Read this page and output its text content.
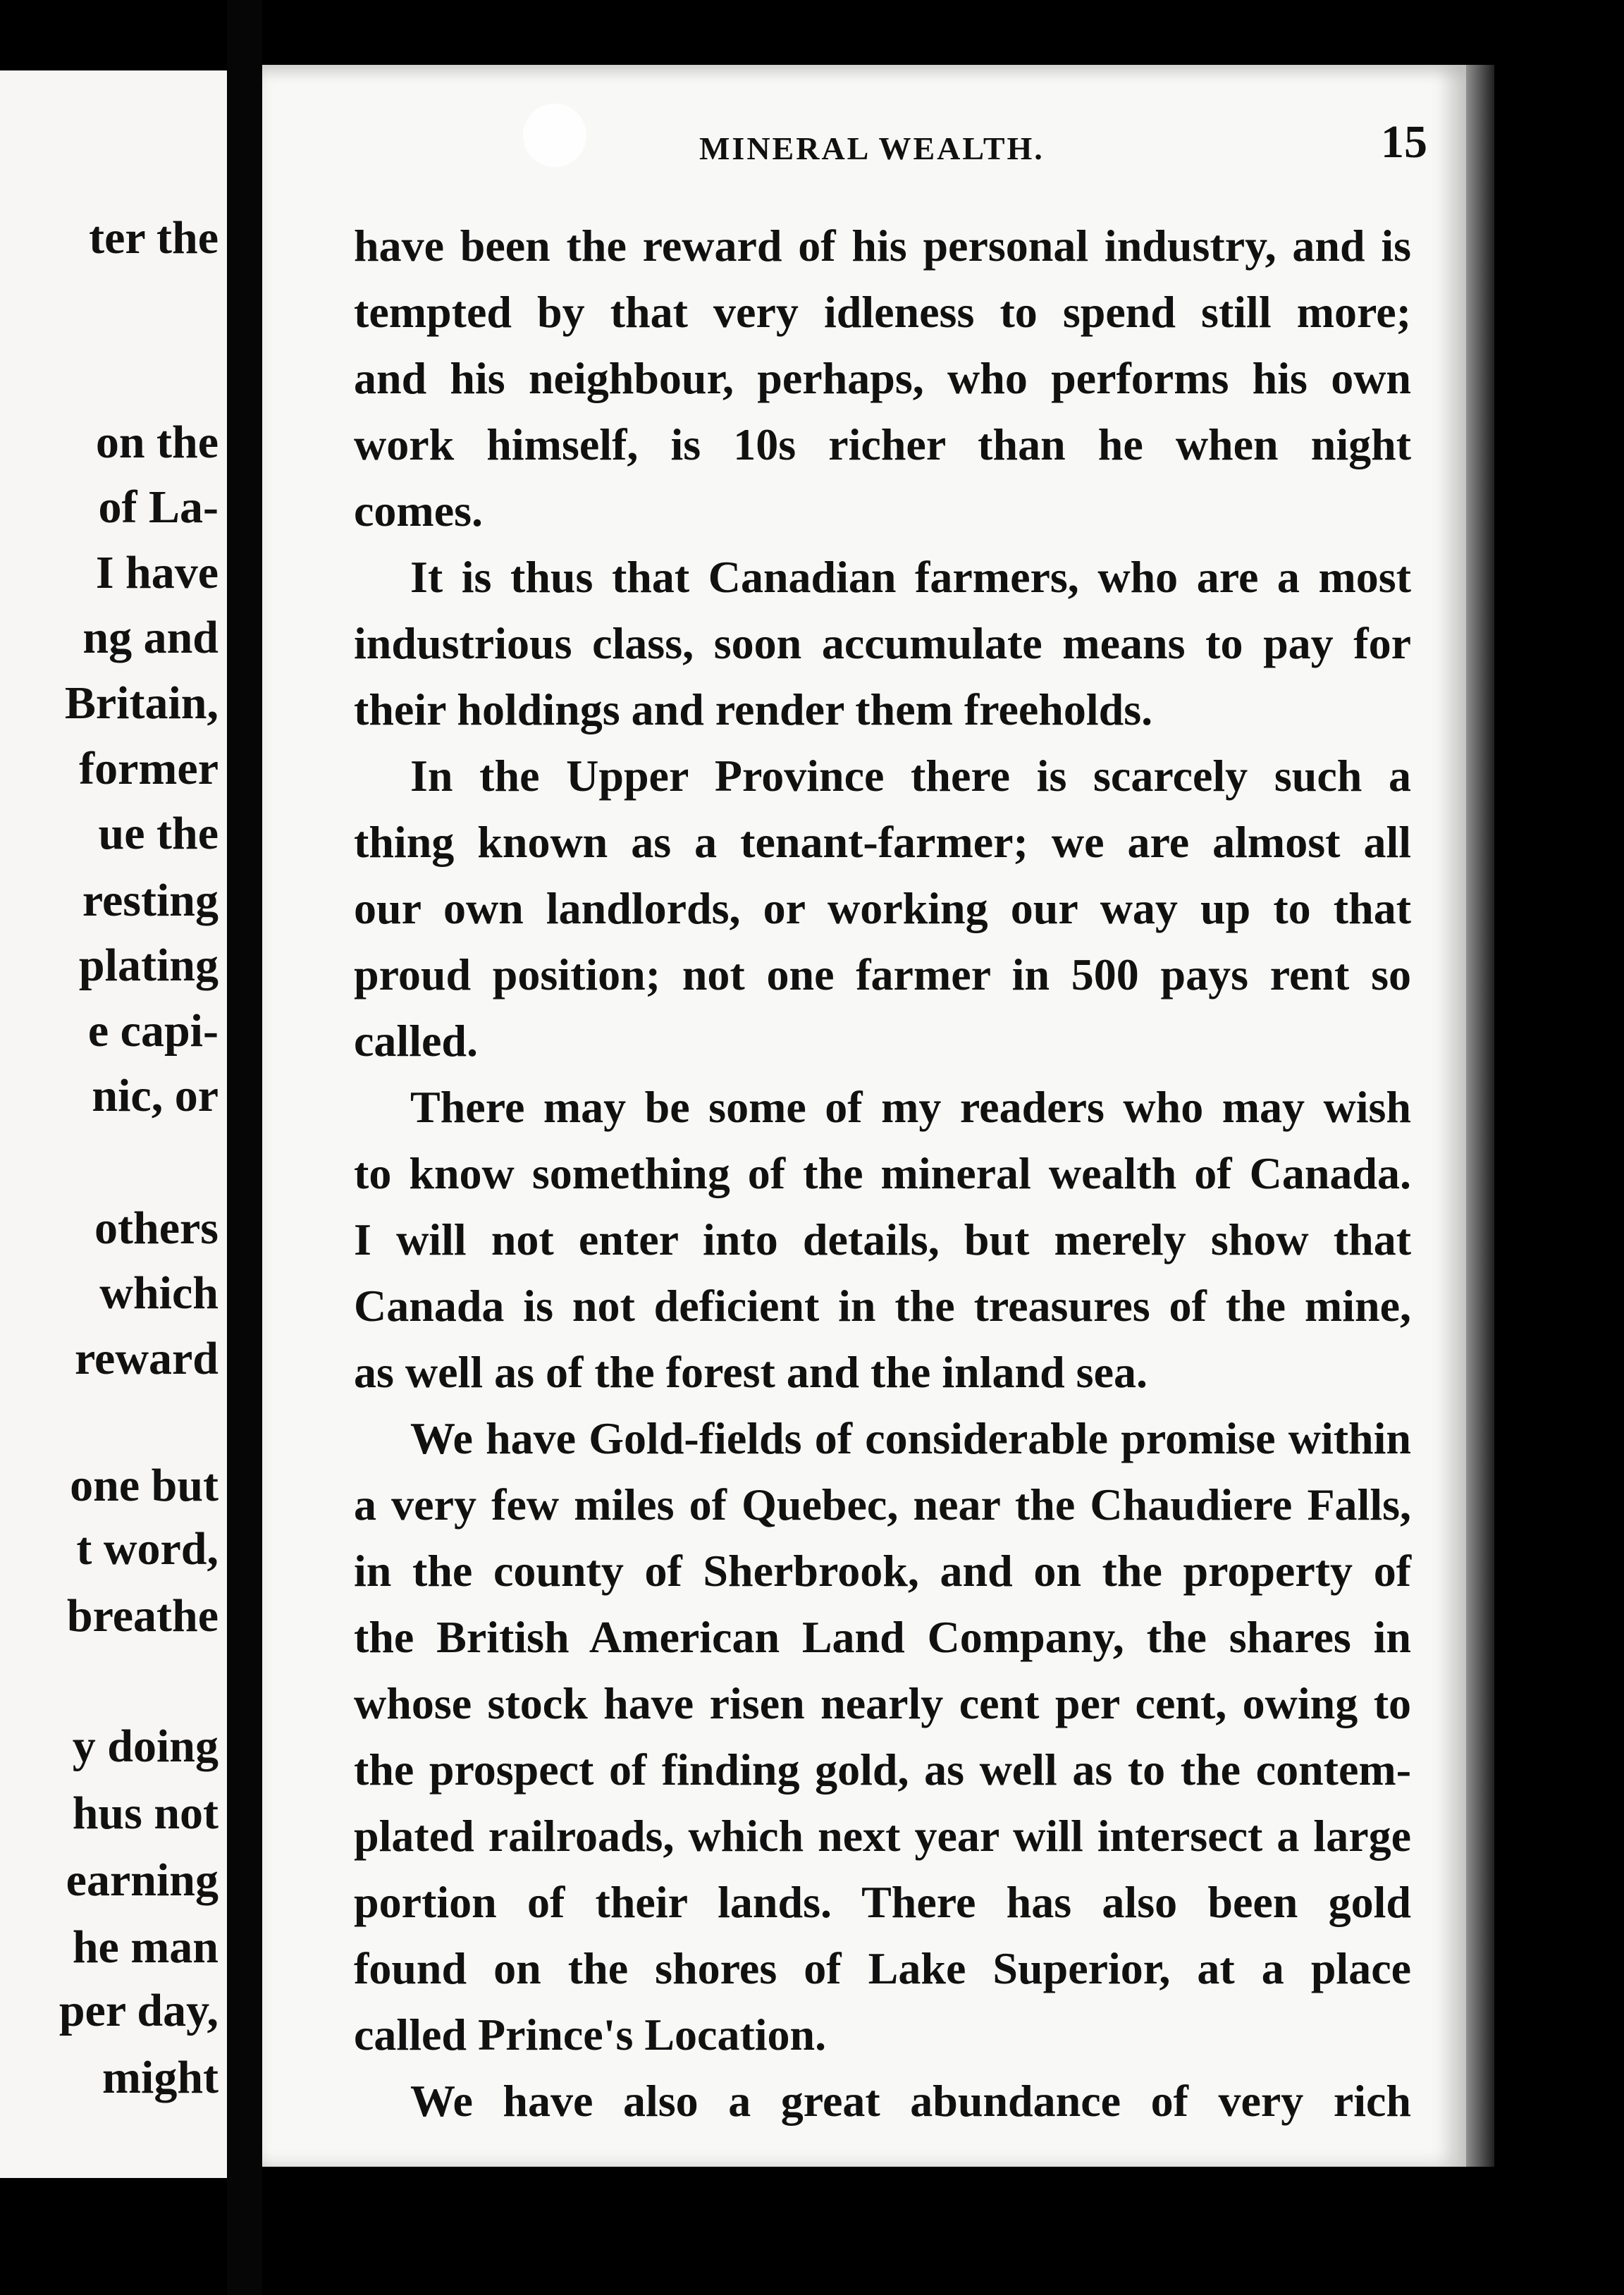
ter the
on the
of La-
I have
ng and
Britain,
former
ue the
resting
plating
e capi-
nic, or
others
which
reward
one but
t word,
breathe
y doing
hus not
earning
he man
per day,
might
MINERAL WEALTH.	15
have been the reward of his personal industry, and is
tempted by that very idleness to spend still more;
and his neighbour, perhaps, who performs his own
work himself, is 10s richer than he when night
comes.
It is thus that Canadian farmers, who are a most
industrious class, soon accumulate means to pay for
their holdings and render them freeholds.
In the Upper Province there is scarcely such a
thing known as a tenant-farmer; we are almost all
our own landlords, or working our way up to that
proud position; not one farmer in 500 pays rent so
called.
There may be some of my readers who may wish
to know something of the mineral wealth of Canada.
I will not enter into details, but merely show that
Canada is not deficient in the treasures of the mine,
as well as of the forest and the inland sea.
We have Gold-fields of considerable promise within
a very few miles of Quebec, near the Chaudiere Falls,
in the county of Sherbrook, and on the property of
the British American Land Company, the shares in
whose stock have risen nearly cent per cent, owing to
the prospect of finding gold, as well as to the contem-
plated railroads, which next year will intersect a large
portion of their lands. There has also been gold
found on the shores of Lake Superior, at a place
called Prince's Location.
We have also a great abundance of very rich
